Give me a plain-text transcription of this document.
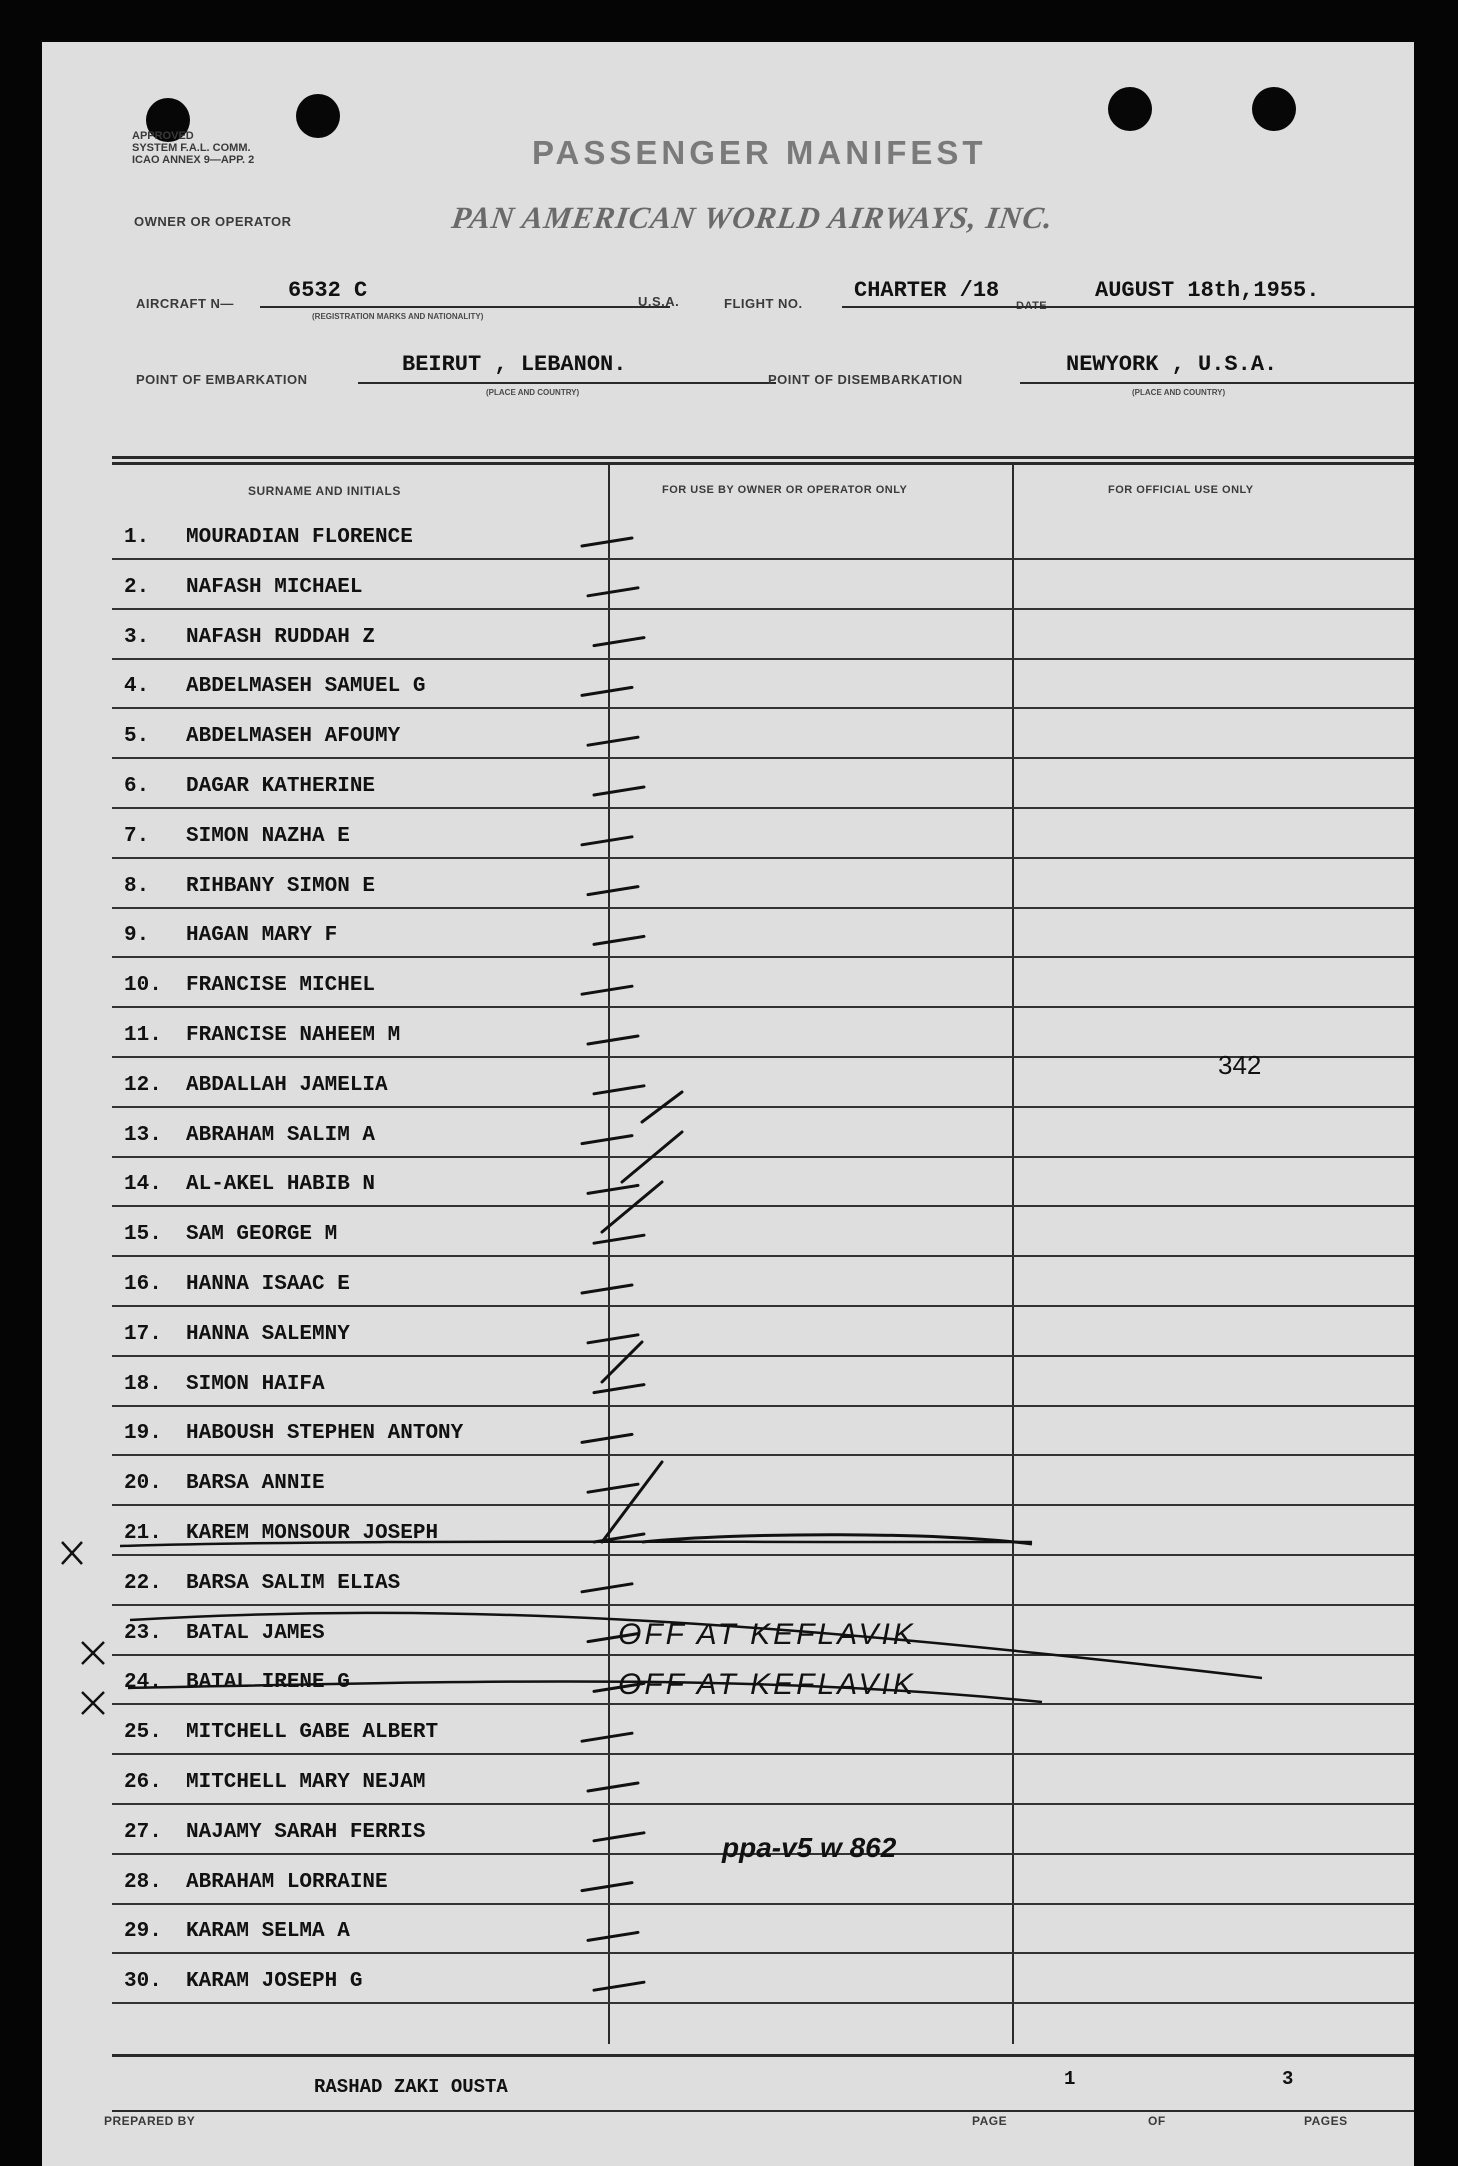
APPROVED
SYSTEM F.A.L. COMM.
ICAO ANNEX 9—APP. 2	PASSENGER MANIFEST
OWNER OR OPERATOR	PAN AMERICAN WORLD AIRWAYS, INC.
AIRCRAFT N—
6532 C
(REGISTRATION MARKS AND NATIONALITY)
U.S.A.	FLIGHT NO.
CHARTER /18
DATE
AUGUST 18th,1955.
POINT OF EMBARKATION
BEIRUT , LEBANON.
(PLACE AND COUNTRY)
POINT OF DISEMBARKATION
NEWYORK , U.S.A.
(PLACE AND COUNTRY)
SURNAME AND INITIALS	FOR USE BY OWNER OR OPERATOR ONLY	FOR OFFICIAL USE ONLY
1. MOURADIAN FLORENCE
2. NAFASH MICHAEL
3. NAFASH RUDDAH Z
4. ABDELMASEH SAMUEL G
5. ABDELMASEH AFOUMY
6. DAGAR KATHERINE
7. SIMON NAZHA E
8. RIHBANY SIMON E
9. HAGAN MARY F
10. FRANCISE MICHEL
11. FRANCISE NAHEEM M
12. ABDALLAH JAMELIA
13. ABRAHAM SALIM A
14. AL-AKEL HABIB N
15. SAM GEORGE M
16. HANNA ISAAC E
17. HANNA SALEMNY
18. SIMON HAIFA
19. HABOUSH STEPHEN ANTONY
20. BARSA ANNIE
21. KAREM MONSOUR JOSEPH
22. BARSA SALIM ELIAS
23. BATAL JAMES
24. BATAL IRENE G
25. MITCHELL GABE ALBERT
26. MITCHELL MARY NEJAM
27. NAJAMY SARAH FERRIS
28. ABRAHAM LORRAINE
29. KARAM SELMA A
30. KARAM JOSEPH G
342
OFF AT KEFLAVIK
OFF AT KEFLAVIK
ppa-v5 w 862
RASHAD ZAKI OUSTA	1	3
PREPARED BY	PAGE	OF	PAGES
